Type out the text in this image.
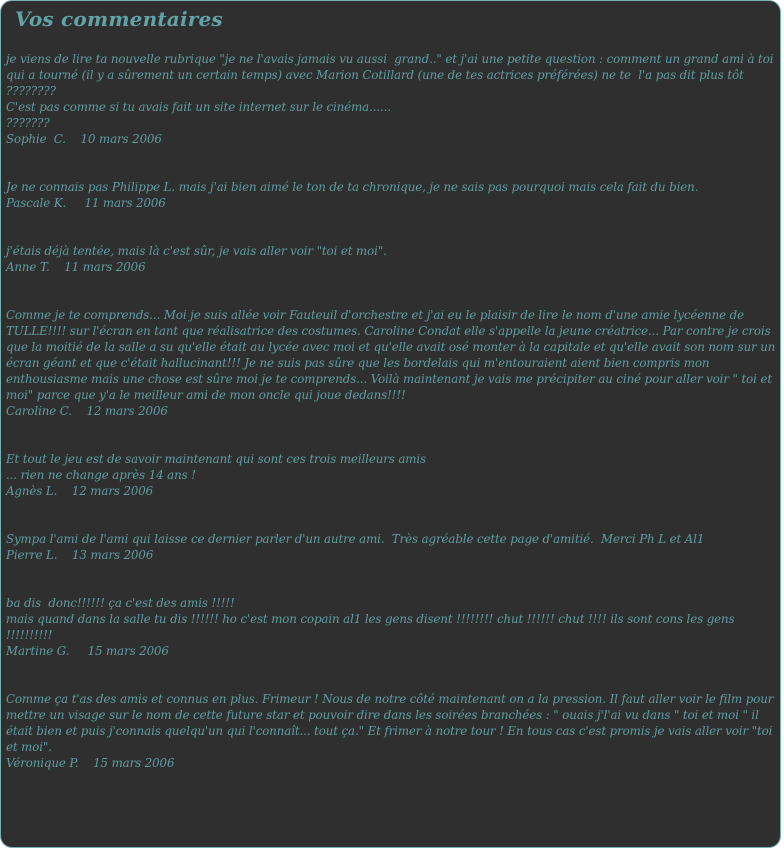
Vos commentaires
je viens de lire ta nouvelle rubrique "je ne l'avais jamais vu aussi  grand.." et j'ai une petite question : comment un grand ami à toi qui a tourné (il y a sûrement un certain temps) avec Marion Cotillard (une de tes actrices préférées) ne te  l'a pas dit plus tôt ????????
C'est pas comme si tu avais fait un site internet sur le cinéma......
???????
Sophie  C.    10 mars 2006
Je ne connais pas Philippe L. mais j'ai bien aimé le ton de ta chronique, je ne sais pas pourquoi mais cela fait du bien.
Pascale K.     11 mars 2006
j'étais déjà tentée, mais là c'est sûr, je vais aller voir "toi et moi".
Anne T.    11 mars 2006
Comme je te comprends... Moi je suis allée voir Fauteuil d'orchestre et j'ai eu le plaisir de lire le nom d'une amie lycéenne de TULLE!!!! sur l'écran en tant que réalisatrice des costumes. Caroline Condat elle s'appelle la jeune créatrice... Par contre je crois que la moitié de la salle a su qu'elle était au lycée avec moi et qu'elle avait osé monter à la capitale et qu'elle avait son nom sur un écran géant et que c'était hallucinant!!! Je ne suis pas sûre que les bordelais qui m'entouraient aient bien compris mon enthousiasme mais une chose est sûre moi je te comprends... Voilà maintenant je vais me précipiter au ciné pour aller voir " toi et moi" parce que y'a le meilleur ami de mon oncle qui joue dedans!!!!
Caroline C.    12 mars 2006
Et tout le jeu est de savoir maintenant qui sont ces trois meilleurs amis
... rien ne change après 14 ans !
Agnès L.    12 mars 2006
Sympa l'ami de l'ami qui laisse ce dernier parler d'un autre ami.  Très agréable cette page d'amitié.  Merci Ph L et Al1
Pierre L.    13 mars 2006
ba dis  donc!!!!!! ça c'est des amis !!!!!
mais quand dans la salle tu dis !!!!!! ho c'est mon copain al1 les gens disent !!!!!!!! chut !!!!!! chut !!!! ils sont cons les gens !!!!!!!!!!
Martine G.     15 mars 2006
Comme ça t'as des amis et connus en plus. Frimeur ! Nous de notre côté maintenant on a la pression. Il faut aller voir le film pour mettre un visage sur le nom de cette future star et pouvoir dire dans les soirées branchées : " ouais j'l'ai vu dans " toi et moi " il était bien et puis j'connais quelqu'un qui l'connaît... tout ça." Et frimer à notre tour ! En tous cas c'est promis je vais aller voir "toi et moi".
Véronique P.    15 mars 2006
